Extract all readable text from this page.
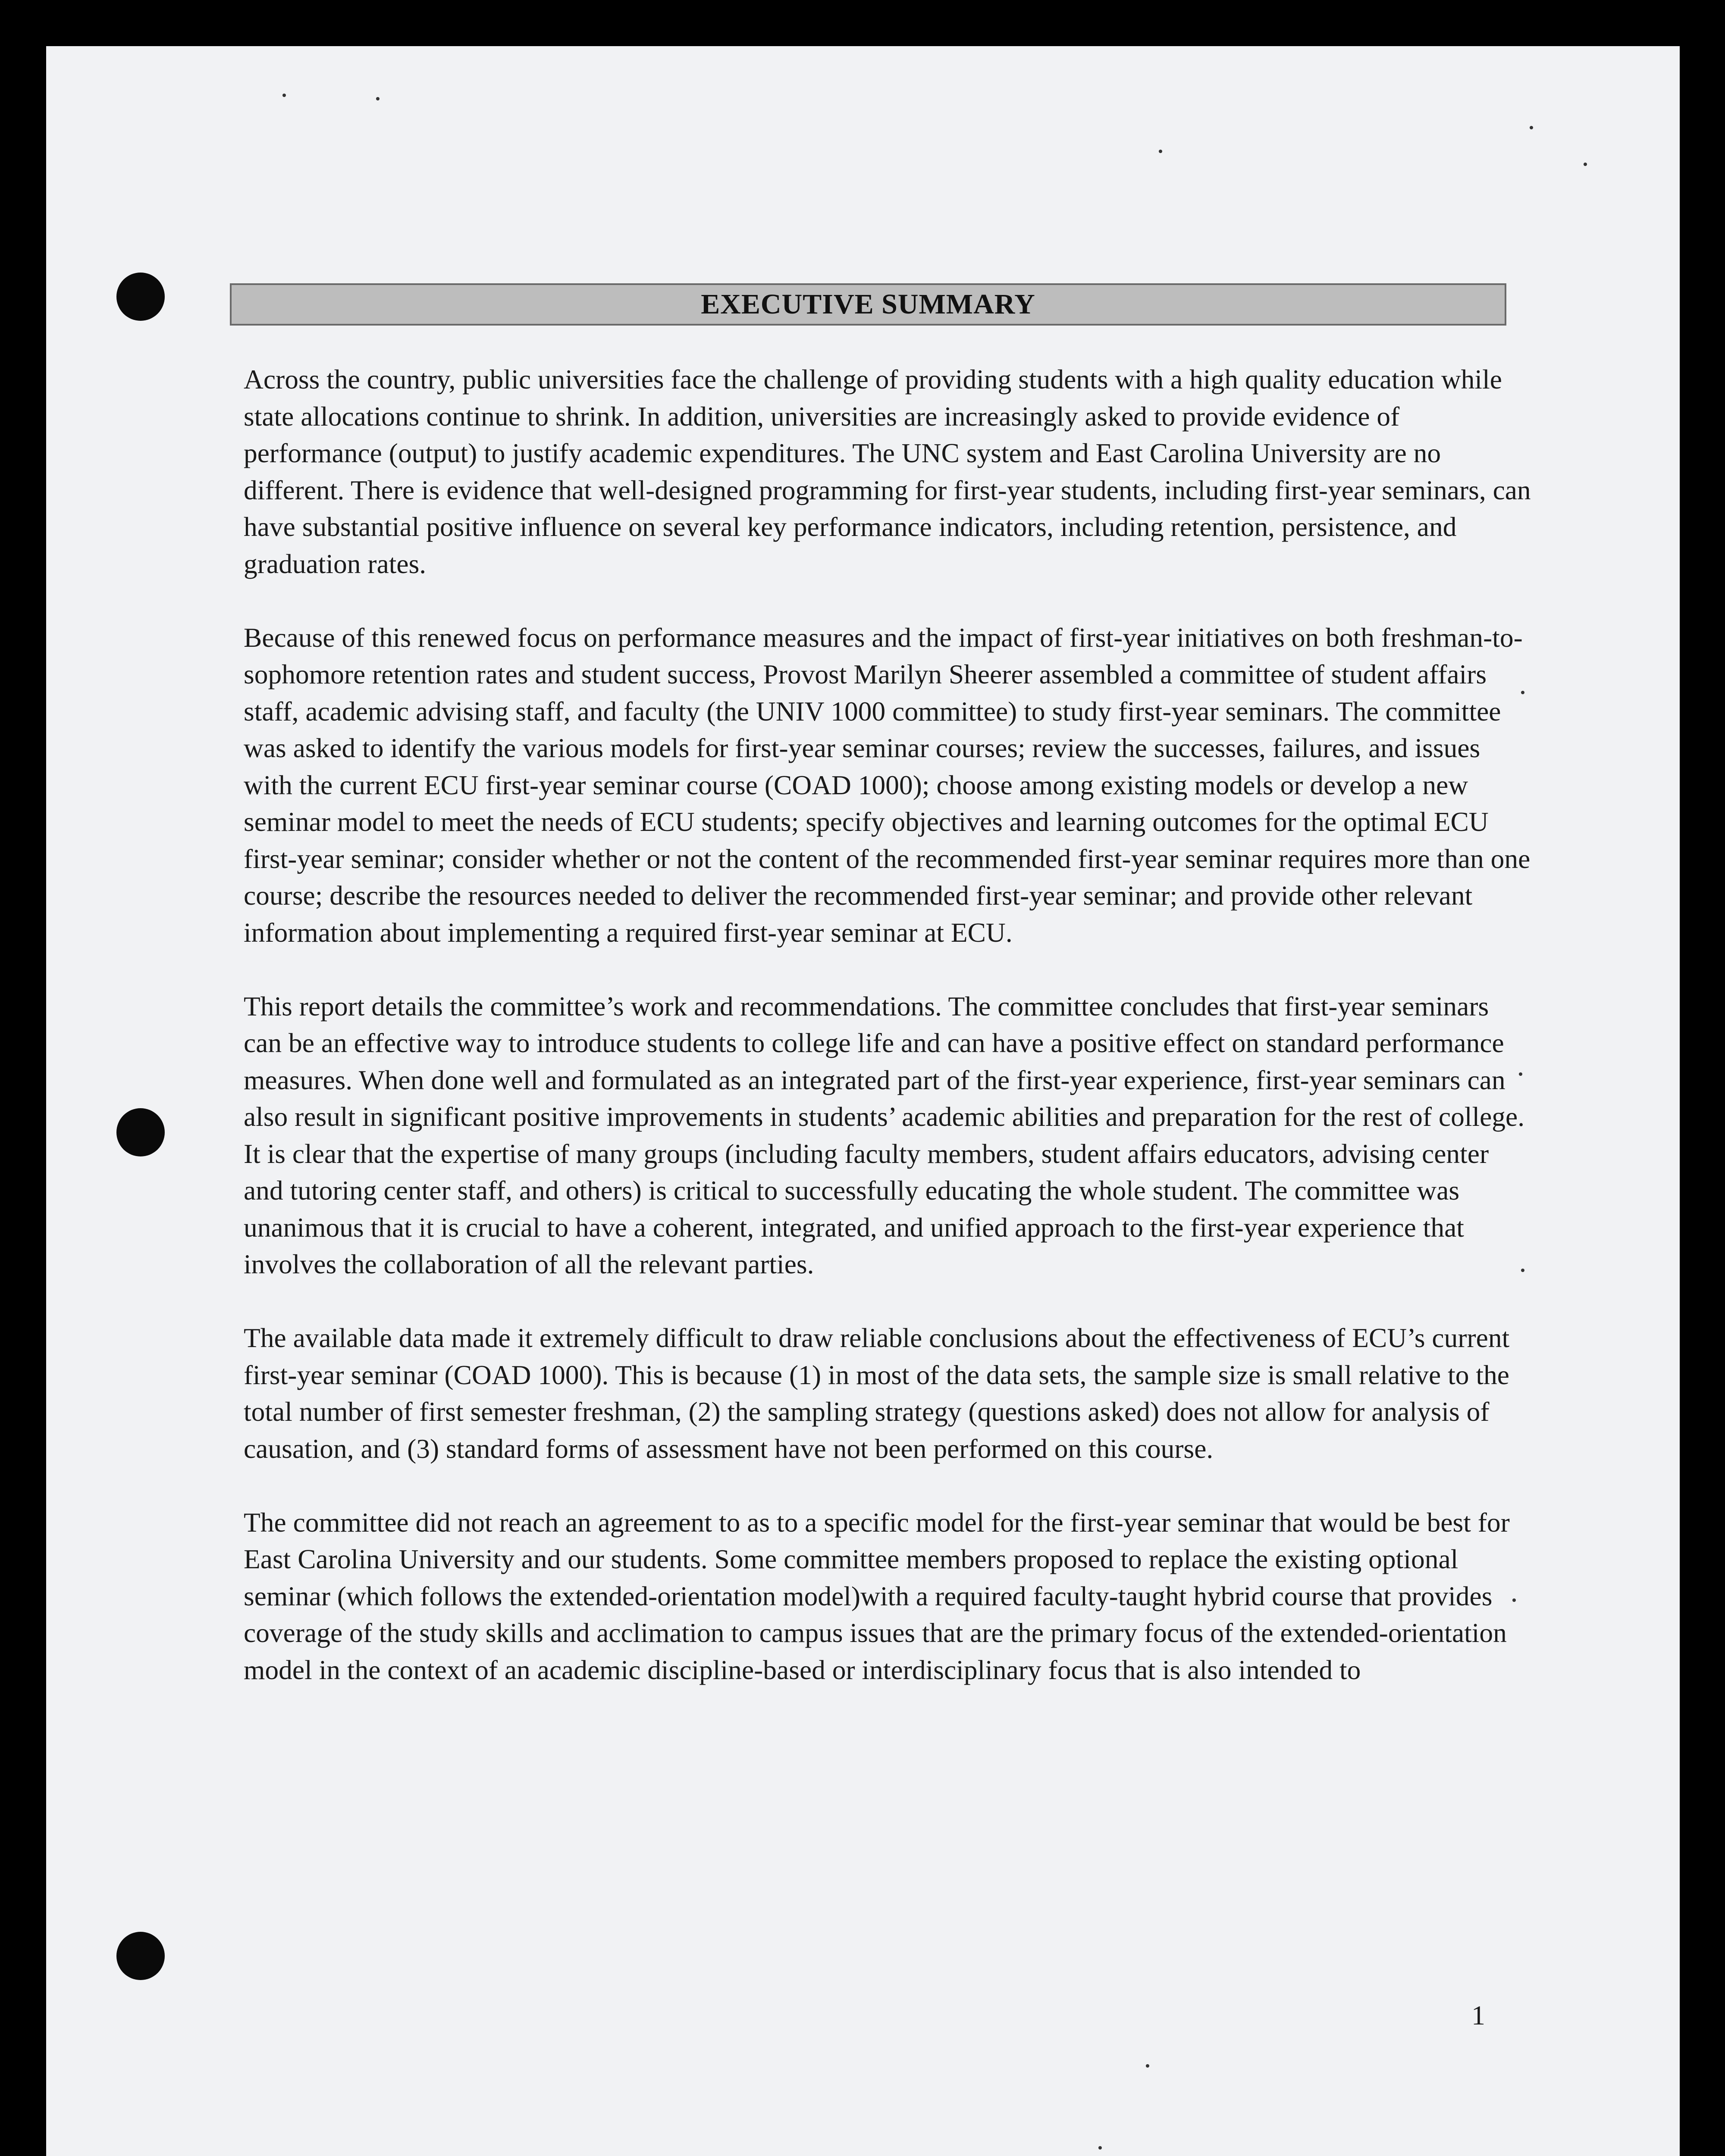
EXECUTIVE SUMMARY

Across the country, public universities face the challenge of providing students with a high quality education while state allocations continue to shrink. In addition, universities are increasingly asked to provide evidence of performance (output) to justify academic expenditures. The UNC system and East Carolina University are no different. There is evidence that well-designed programming for first-year students, including first-year seminars, can have substantial positive influence on several key performance indicators, including retention, persistence, and graduation rates.

Because of this renewed focus on performance measures and the impact of first-year initiatives on both freshman-to-sophomore retention rates and student success, Provost Marilyn Sheerer assembled a committee of student affairs staff, academic advising staff, and faculty (the UNIV 1000 committee) to study first-year seminars. The committee was asked to identify the various models for first-year seminar courses; review the successes, failures, and issues with the current ECU first-year seminar course (COAD 1000); choose among existing models or develop a new seminar model to meet the needs of ECU students; specify objectives and learning outcomes for the optimal ECU first-year seminar; consider whether or not the content of the recommended first-year seminar requires more than one course; describe the resources needed to deliver the recommended first-year seminar; and provide other relevant information about implementing a required first-year seminar at ECU.

This report details the committee’s work and recommendations. The committee concludes that first-year seminars can be an effective way to introduce students to college life and can have a positive effect on standard performance measures. When done well and formulated as an integrated part of the first-year experience, first-year seminars can also result in significant positive improvements in students’ academic abilities and preparation for the rest of college. It is clear that the expertise of many groups (including faculty members, student affairs educators, advising center and tutoring center staff, and others) is critical to successfully educating the whole student. The committee was unanimous that it is crucial to have a coherent, integrated, and unified approach to the first-year experience that involves the collaboration of all the relevant parties.

The available data made it extremely difficult to draw reliable conclusions about the effectiveness of ECU’s current first-year seminar (COAD 1000). This is because (1) in most of the data sets, the sample size is small relative to the total number of first semester freshman, (2) the sampling strategy (questions asked) does not allow for analysis of causation, and (3) standard forms of assessment have not been performed on this course.

The committee did not reach an agreement to as to a specific model for the first-year seminar that would be best for East Carolina University and our students. Some committee members proposed to replace the existing optional seminar (which follows the extended-orientation model)with a required faculty-taught hybrid course that provides coverage of the study skills and acclimation to campus issues that are the primary focus of the extended-orientation model in the context of an academic discipline-based or interdisciplinary focus that is also intended to

1
